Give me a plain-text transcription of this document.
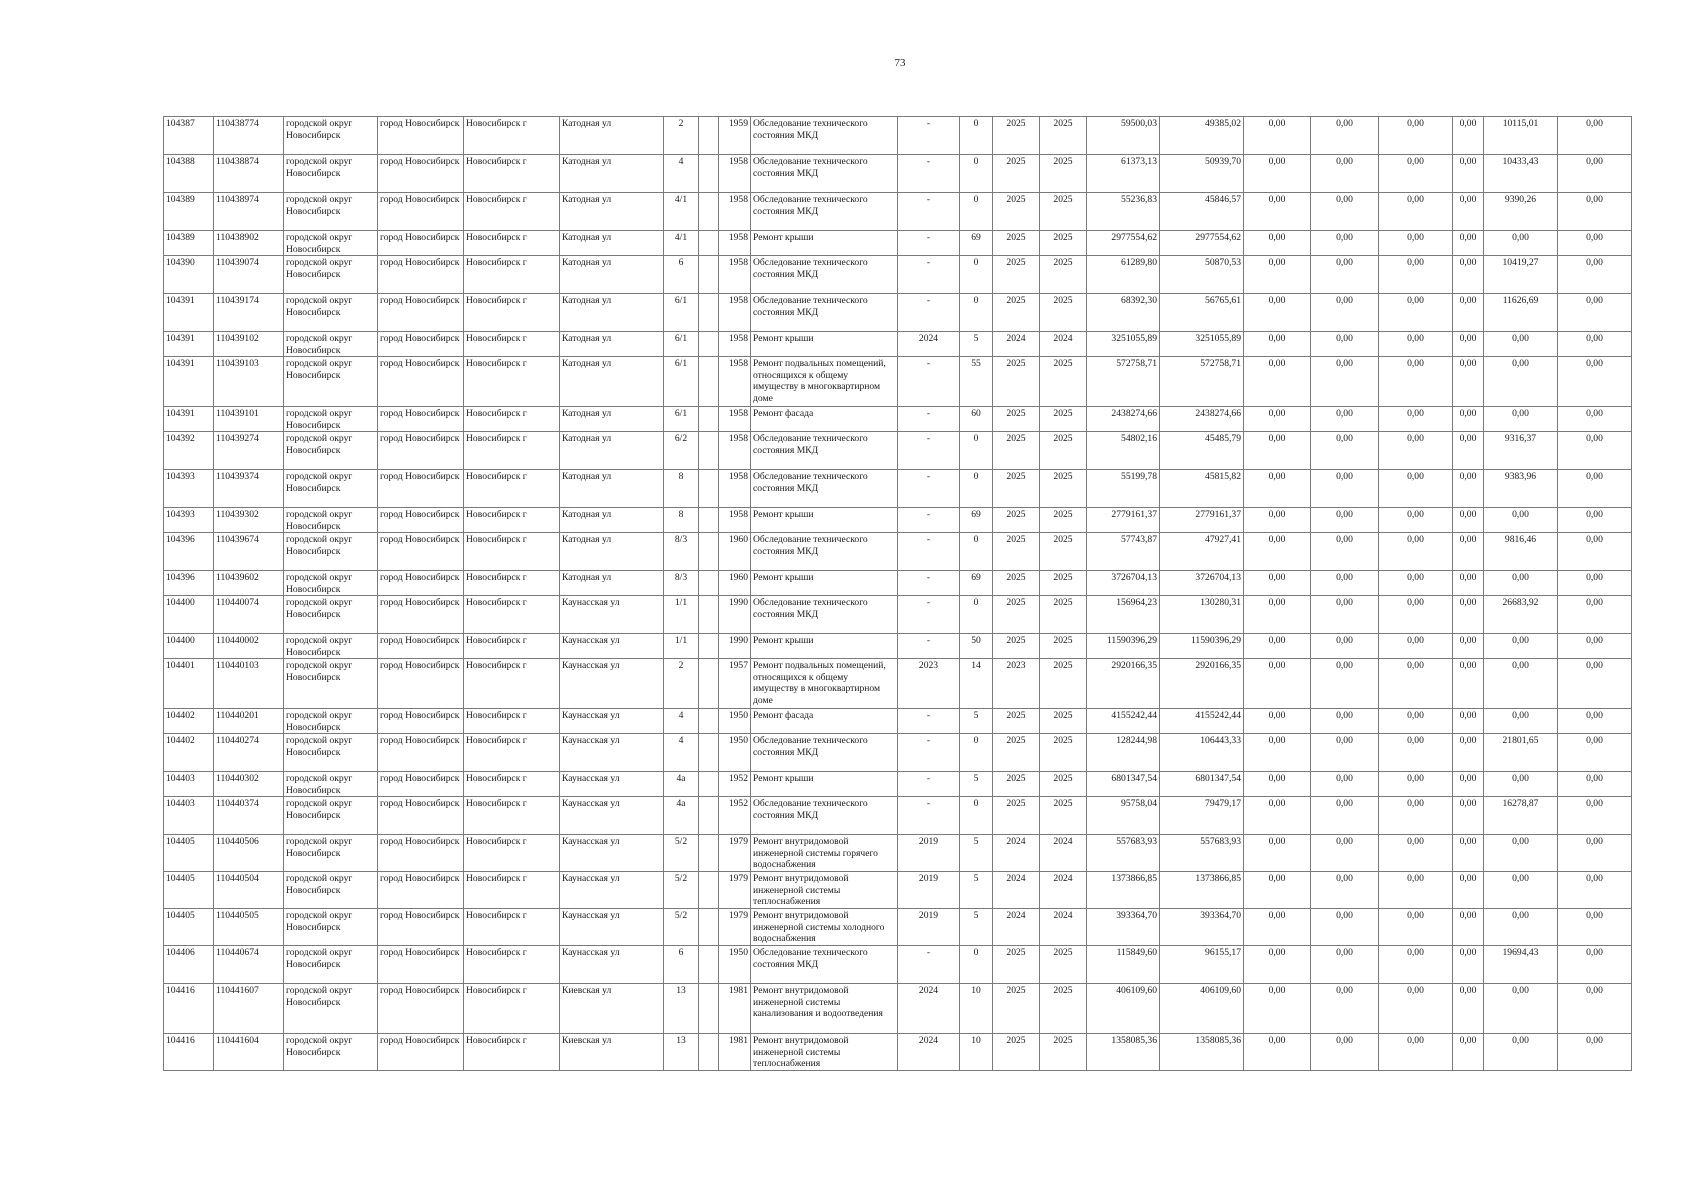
73
104387	110438774	городской округ Новосибирск	город Новосибирск	Новосибирск г	Катодная ул	2		1959	Обследование технического состояния МКД	-	0	2025	2025	59500,03	49385,02	0,00	0,00	0,00	0,00	10115,01	0,00
104388	110438874	городской округ Новосибирск	город Новосибирск	Новосибирск г	Катодная ул	4		1958	Обследование технического состояния МКД	-	0	2025	2025	61373,13	50939,70	0,00	0,00	0,00	0,00	10433,43	0,00
104389	110438974	городской округ Новосибирск	город Новосибирск	Новосибирск г	Катодная ул	4/1		1958	Обследование технического состояния МКД	-	0	2025	2025	55236,83	45846,57	0,00	0,00	0,00	0,00	9390,26	0,00
104389	110438902	городской округ Новосибирск	город Новосибирск	Новосибирск г	Катодная ул	4/1		1958	Ремонт крыши	-	69	2025	2025	2977554,62	2977554,62	0,00	0,00	0,00	0,00	0,00	0,00
104390	110439074	городской округ Новосибирск	город Новосибирск	Новосибирск г	Катодная ул	6		1958	Обследование технического состояния МКД	-	0	2025	2025	61289,80	50870,53	0,00	0,00	0,00	0,00	10419,27	0,00
104391	110439174	городской округ Новосибирск	город Новосибирск	Новосибирск г	Катодная ул	6/1		1958	Обследование технического состояния МКД	-	0	2025	2025	68392,30	56765,61	0,00	0,00	0,00	0,00	11626,69	0,00
104391	110439102	городской округ Новосибирск	город Новосибирск	Новосибирск г	Катодная ул	6/1		1958	Ремонт крыши	2024	5	2024	2024	3251055,89	3251055,89	0,00	0,00	0,00	0,00	0,00	0,00
104391	110439103	городской округ Новосибирск	город Новосибирск	Новосибирск г	Катодная ул	6/1		1958	Ремонт подвальных помещений, относящихся к общему имуществу в многоквартирном доме	-	55	2025	2025	572758,71	572758,71	0,00	0,00	0,00	0,00	0,00	0,00
104391	110439101	городской округ Новосибирск	город Новосибирск	Новосибирск г	Катодная ул	6/1		1958	Ремонт фасада	-	60	2025	2025	2438274,66	2438274,66	0,00	0,00	0,00	0,00	0,00	0,00
104392	110439274	городской округ Новосибирск	город Новосибирск	Новосибирск г	Катодная ул	6/2		1958	Обследование технического состояния МКД	-	0	2025	2025	54802,16	45485,79	0,00	0,00	0,00	0,00	9316,37	0,00
104393	110439374	городской округ Новосибирск	город Новосибирск	Новосибирск г	Катодная ул	8		1958	Обследование технического состояния МКД	-	0	2025	2025	55199,78	45815,82	0,00	0,00	0,00	0,00	9383,96	0,00
104393	110439302	городской округ Новосибирск	город Новосибирск	Новосибирск г	Катодная ул	8		1958	Ремонт крыши	-	69	2025	2025	2779161,37	2779161,37	0,00	0,00	0,00	0,00	0,00	0,00
104396	110439674	городской округ Новосибирск	город Новосибирск	Новосибирск г	Катодная ул	8/3		1960	Обследование технического состояния МКД	-	0	2025	2025	57743,87	47927,41	0,00	0,00	0,00	0,00	9816,46	0,00
104396	110439602	городской округ Новосибирск	город Новосибирск	Новосибирск г	Катодная ул	8/3		1960	Ремонт крыши	-	69	2025	2025	3726704,13	3726704,13	0,00	0,00	0,00	0,00	0,00	0,00
104400	110440074	городской округ Новосибирск	город Новосибирск	Новосибирск г	Каунасская ул	1/1		1990	Обследование технического состояния МКД	-	0	2025	2025	156964,23	130280,31	0,00	0,00	0,00	0,00	26683,92	0,00
104400	110440002	городской округ Новосибирск	город Новосибирск	Новосибирск г	Каунасская ул	1/1		1990	Ремонт крыши	-	50	2025	2025	11590396,29	11590396,29	0,00	0,00	0,00	0,00	0,00	0,00
104401	110440103	городской округ Новосибирск	город Новосибирск	Новосибирск г	Каунасская ул	2		1957	Ремонт подвальных помещений, относящихся к общему имуществу в многоквартирном доме	2023	14	2023	2025	2920166,35	2920166,35	0,00	0,00	0,00	0,00	0,00	0,00
104402	110440201	городской округ Новосибирск	город Новосибирск	Новосибирск г	Каунасская ул	4		1950	Ремонт фасада	-	5	2025	2025	4155242,44	4155242,44	0,00	0,00	0,00	0,00	0,00	0,00
104402	110440274	городской округ Новосибирск	город Новосибирск	Новосибирск г	Каунасская ул	4		1950	Обследование технического состояния МКД	-	0	2025	2025	128244,98	106443,33	0,00	0,00	0,00	0,00	21801,65	0,00
104403	110440302	городской округ Новосибирск	город Новосибирск	Новосибирск г	Каунасская ул	4а		1952	Ремонт крыши	-	5	2025	2025	6801347,54	6801347,54	0,00	0,00	0,00	0,00	0,00	0,00
104403	110440374	городской округ Новосибирск	город Новосибирск	Новосибирск г	Каунасская ул	4а		1952	Обследование технического состояния МКД	-	0	2025	2025	95758,04	79479,17	0,00	0,00	0,00	0,00	16278,87	0,00
104405	110440506	городской округ Новосибирск	город Новосибирск	Новосибирск г	Каунасская ул	5/2		1979	Ремонт внутридомовой инженерной системы горячего водоснабжения	2019	5	2024	2024	557683,93	557683,93	0,00	0,00	0,00	0,00	0,00	0,00
104405	110440504	городской округ Новосибирск	город Новосибирск	Новосибирск г	Каунасская ул	5/2		1979	Ремонт внутридомовой инженерной системы теплоснабжения	2019	5	2024	2024	1373866,85	1373866,85	0,00	0,00	0,00	0,00	0,00	0,00
104405	110440505	городской округ Новосибирск	город Новосибирск	Новосибирск г	Каунасская ул	5/2		1979	Ремонт внутридомовой инженерной системы холодного водоснабжения	2019	5	2024	2024	393364,70	393364,70	0,00	0,00	0,00	0,00	0,00	0,00
104406	110440674	городской округ Новосибирск	город Новосибирск	Новосибирск г	Каунасская ул	6		1950	Обследование технического состояния МКД	-	0	2025	2025	115849,60	96155,17	0,00	0,00	0,00	0,00	19694,43	0,00
104416	110441607	городской округ Новосибирск	город Новосибирск	Новосибирск г	Киевская ул	13		1981	Ремонт внутридомовой инженерной системы канализования и водоотведения	2024	10	2025	2025	406109,60	406109,60	0,00	0,00	0,00	0,00	0,00	0,00
104416	110441604	городской округ Новосибирск	город Новосибирск	Новосибирск г	Киевская ул	13		1981	Ремонт внутридомовой инженерной системы теплоснабжения	2024	10	2025	2025	1358085,36	1358085,36	0,00	0,00	0,00	0,00	0,00	0,00
